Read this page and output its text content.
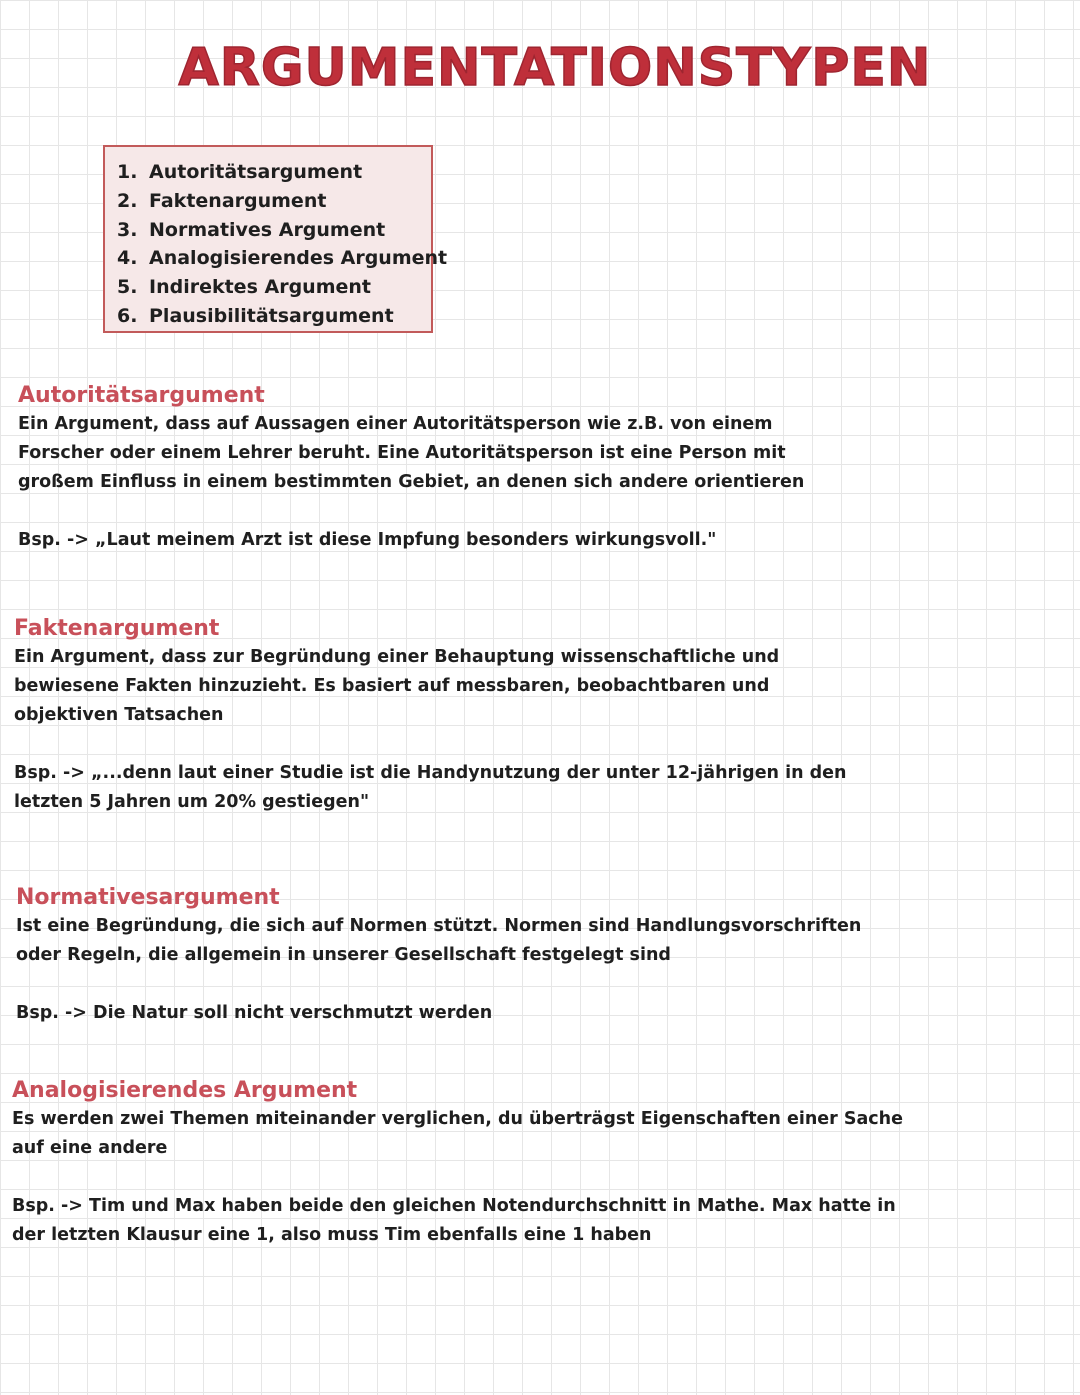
ARGUMENTATIONSTYPEN
1. Autoritätsargument
2. Faktenargument
3. Normatives Argument
4. Analogisierendes Argument
5. Indirektes Argument
6. Plausibilitätsargument
Autoritätsargument
Ein Argument, dass auf Aussagen einer Autoritätsperson wie z.B. von einem Forscher oder einem Lehrer beruht. Eine Autoritätsperson ist eine Person mit großem Einfluss in einem bestimmten Gebiet, an denen sich andere orientieren
Bsp. -> „Laut meinem Arzt ist diese Impfung besonders wirkungsvoll."
Faktenargument
Ein Argument, dass zur Begründung einer Behauptung wissenschaftliche und bewiesene Fakten hinzuzieht. Es basiert auf messbaren, beobachtbaren und objektiven Tatsachen
Bsp. -> „...denn laut einer Studie ist die Handynutzung der unter 12-jährigen in den letzten 5 Jahren um 20% gestiegen"
Normativesargument
Ist eine Begründung, die sich auf Normen stützt. Normen sind Handlungsvorschriften oder Regeln, die allgemein in unserer Gesellschaft festgelegt sind
Bsp. -> Die Natur soll nicht verschmutzt werden
Analogisierendes Argument
Es werden zwei Themen miteinander verglichen, du überträgst Eigenschaften einer Sache auf eine andere
Bsp. -> Tim und Max haben beide den gleichen Notendurchschnitt in Mathe. Max hatte in der letzten Klausur eine 1, also muss Tim ebenfalls eine 1 haben
